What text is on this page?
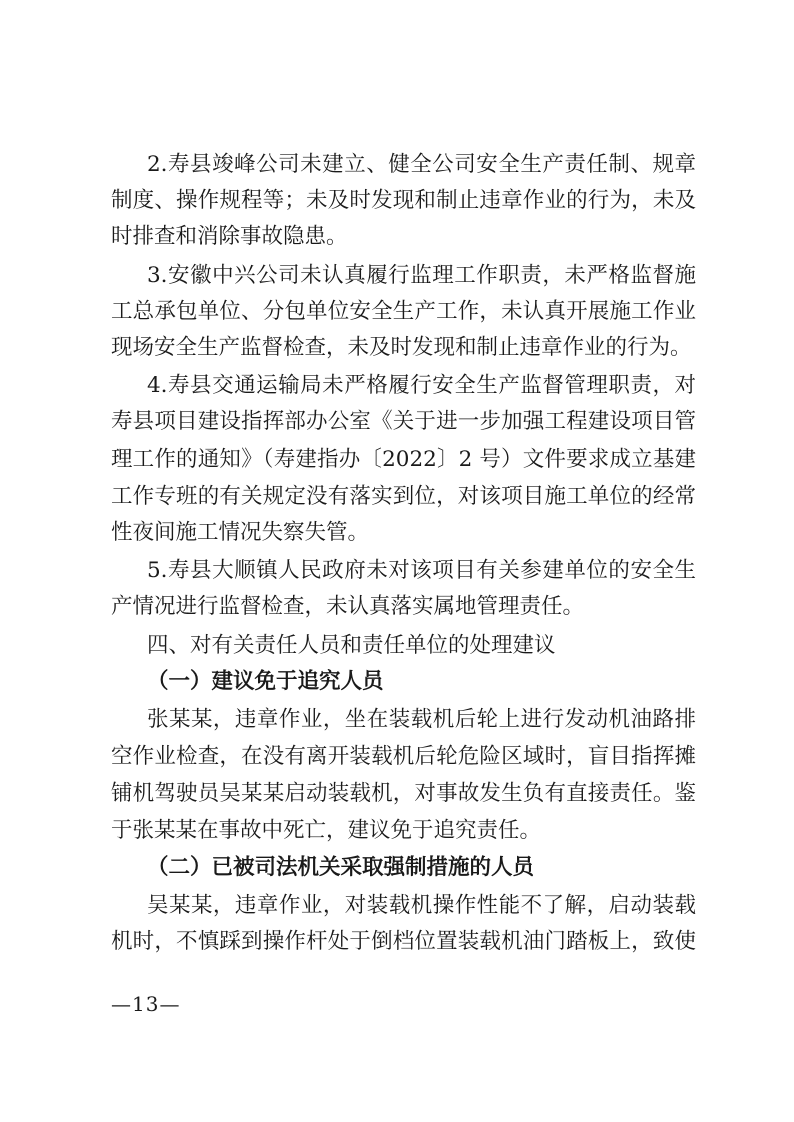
2.寿县竣峰公司未建立、健全公司安全生产责任制、规章
制度、操作规程等；未及时发现和制止违章作业的行为，未及
时排查和消除事故隐患。
3.安徽中兴公司未认真履行监理工作职责，未严格监督施
工总承包单位、分包单位安全生产工作，未认真开展施工作业
现场安全生产监督检查，未及时发现和制止违章作业的行为。
4.寿县交通运输局未严格履行安全生产监督管理职责，对
寿县项目建设指挥部办公室《关于进一步加强工程建设项目管
理工作的通知》（寿建指办〔2022〕2 号）文件要求成立基建
工作专班的有关规定没有落实到位，对该项目施工单位的经常
性夜间施工情况失察失管。
5.寿县大顺镇人民政府未对该项目有关参建单位的安全生
产情况进行监督检查，未认真落实属地管理责任。
四、对有关责任人员和责任单位的处理建议
（一）建议免于追究人员
张某某，违章作业，坐在装载机后轮上进行发动机油路排
空作业检查，在没有离开装载机后轮危险区域时，盲目指挥摊
铺机驾驶员吴某某启动装载机，对事故发生负有直接责任。鉴
于张某某在事故中死亡，建议免于追究责任。
（二）已被司法机关采取强制措施的人员
吴某某，违章作业，对装载机操作性能不了解，启动装载
机时，不慎踩到操作杆处于倒档位置装载机油门踏板上，致使
—13—
